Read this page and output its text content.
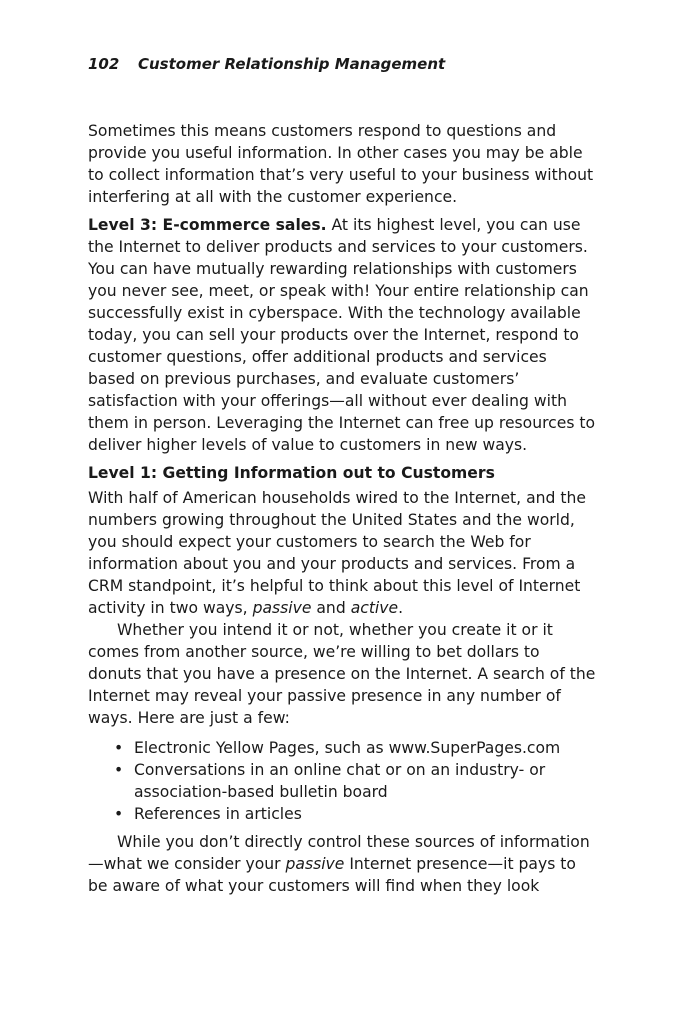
102 Customer Relationship Management

Sometimes this means customers respond to questions and provide you useful information. In other cases you may be able to collect information that’s very useful to your business without interfering at all with the customer experience.

Level 3: E-commerce sales. At its highest level, you can use the Internet to deliver products and services to your customers. You can have mutually rewarding relationships with customers you never see, meet, or speak with! Your entire relationship can successfully exist in cyberspace. With the technology available today, you can sell your products over the Internet, respond to customer questions, offer additional products and services based on previous purchases, and evaluate customers’ satisfaction with your offerings—all without ever dealing with them in person. Leveraging the Internet can free up resources to deliver higher levels of value to customers in new ways.

Level 1: Getting Information out to Customers

With half of American households wired to the Internet, and the numbers growing throughout the United States and the world, you should expect your customers to search the Web for information about you and your products and services. From a CRM standpoint, it’s helpful to think about this level of Internet activity in two ways, passive and active.

Whether you intend it or not, whether you create it or it comes from another source, we’re willing to bet dollars to donuts that you have a presence on the Internet. A search of the Internet may reveal your passive presence in any number of ways. Here are just a few:

• Electronic Yellow Pages, such as www.SuperPages.com
• Conversations in an online chat or on an industry- or association-based bulletin board
• References in articles

While you don’t directly control these sources of information—what we consider your passive Internet presence—it pays to be aware of what your customers will find when they look
